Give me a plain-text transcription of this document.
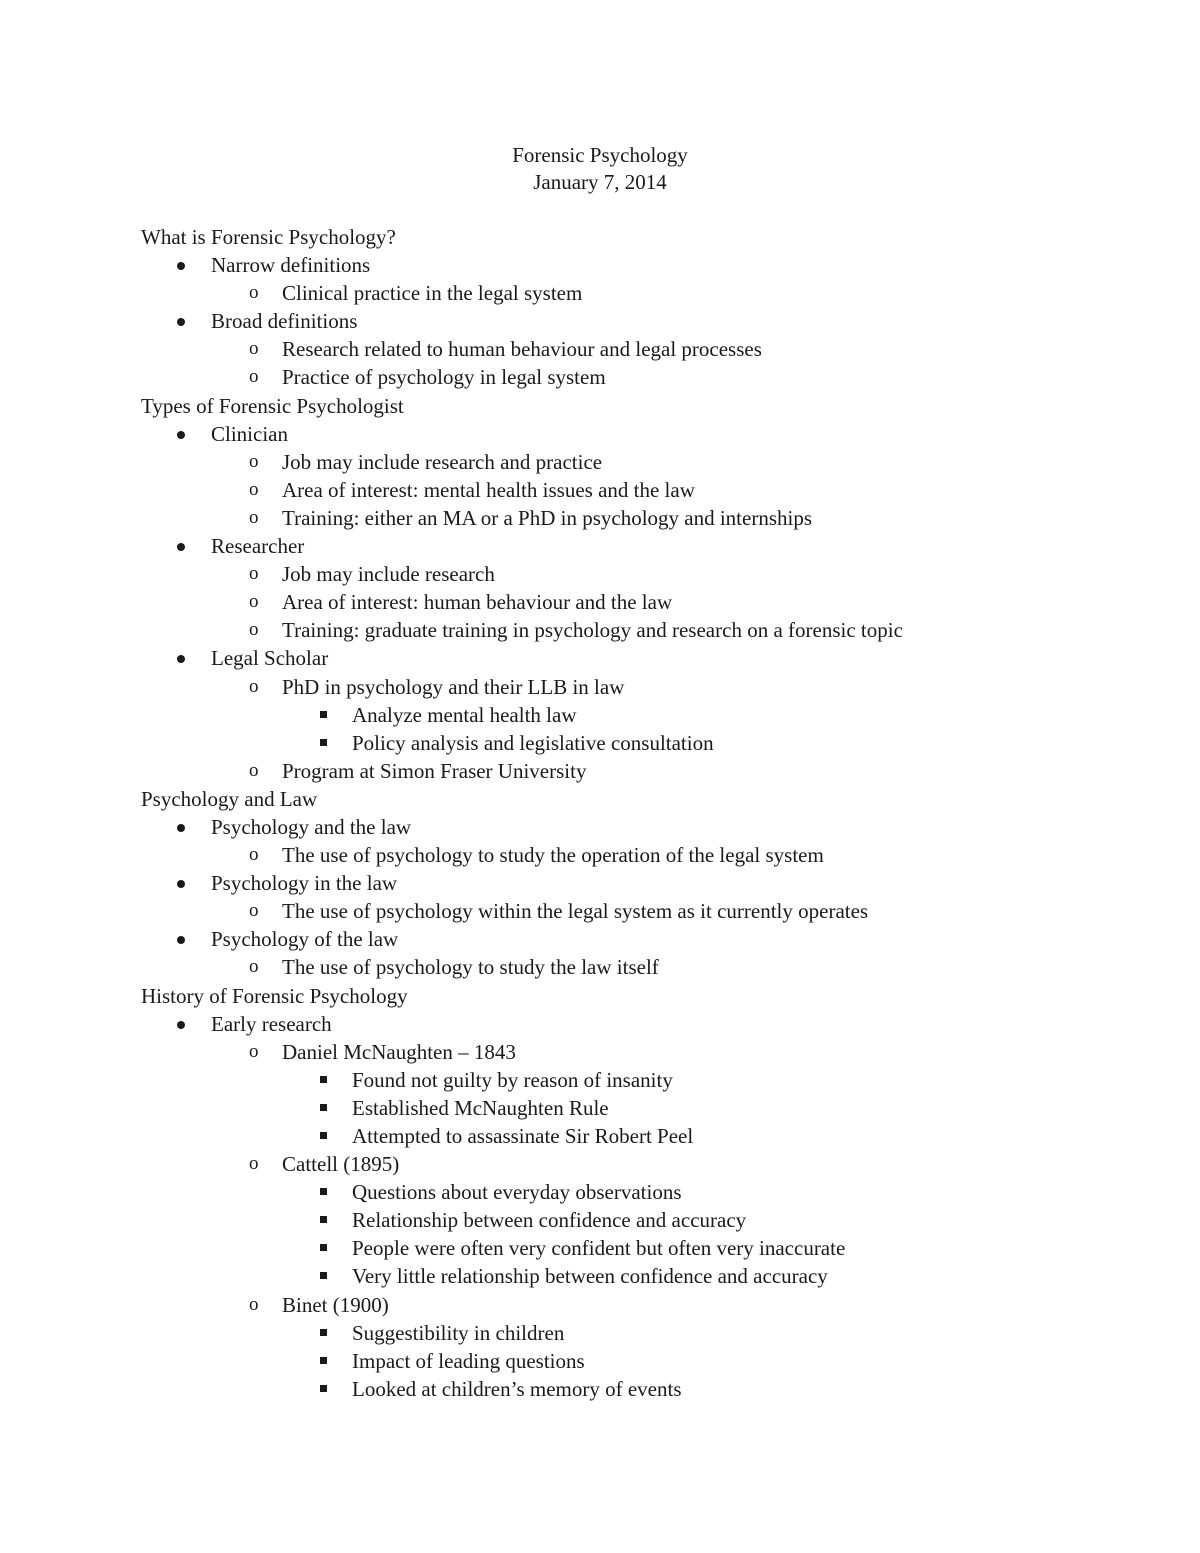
Forensic Psychology
January 7, 2014
What is Forensic Psychology?
Narrow definitions
o Clinical practice in the legal system
Broad definitions
o Research related to human behaviour and legal processes
o Practice of psychology in legal system
Types of Forensic Psychologist
Clinician
o Job may include research and practice
o Area of interest: mental health issues and the law
o Training: either an MA or a PhD in psychology and internships
Researcher
o Job may include research
o Area of interest: human behaviour and the law
o Training: graduate training in psychology and research on a forensic topic
Legal Scholar
o PhD in psychology and their LLB in law
Analyze mental health law
Policy analysis and legislative consultation
o Program at Simon Fraser University
Psychology and Law
Psychology and the law
o The use of psychology to study the operation of the legal system
Psychology in the law
o The use of psychology within the legal system as it currently operates
Psychology of the law
o The use of psychology to study the law itself
History of Forensic Psychology
Early research
o Daniel McNaughten – 1843
Found not guilty by reason of insanity
Established McNaughten Rule
Attempted to assassinate Sir Robert Peel
o Cattell (1895)
Questions about everyday observations
Relationship between confidence and accuracy
People were often very confident but often very inaccurate
Very little relationship between confidence and accuracy
o Binet (1900)
Suggestibility in children
Impact of leading questions
Looked at children’s memory of events
